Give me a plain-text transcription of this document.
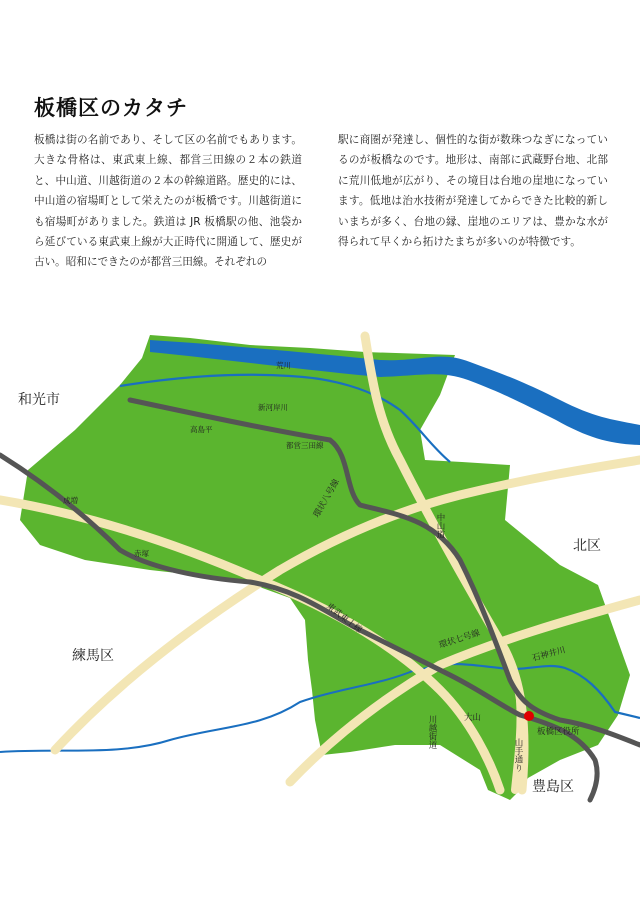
板橋区のカタチ

板橋は街の名前であり、そして区の名前でもあります。大きな骨格は、東武東上線、都営三田線の２本の鉄道と、中山道、川越街道の２本の幹線道路。歴史的には、中山道の宿場町として栄えたのが板橋です。川越街道にも宿場町がありました。鉄道は JR 板橋駅の他、池袋から延びている東武東上線が大正時代に開通して、歴史が古い。昭和にできたのが都営三田線。それぞれの

駅に商圏が発達し、個性的な街が数珠つなぎになっているのが板橋なのです。地形は、南部に武蔵野台地、北部に荒川低地が広がり、その境目は台地の崖地になっています。低地は治水技術が発達してからできた比較的新しいまちが多く、台地の縁、崖地のエリアは、豊かな水が得られて早くから拓けたまちが多いのが特徴です。

和光市
北区
練馬区
豊島区
荒川
新河岸川
高島平
都営三田線
成増
赤塚
環状八号線
中山道
東武東上線
環状七号線
石神井川
大山
川越街道	板橋区役所
山手通り
